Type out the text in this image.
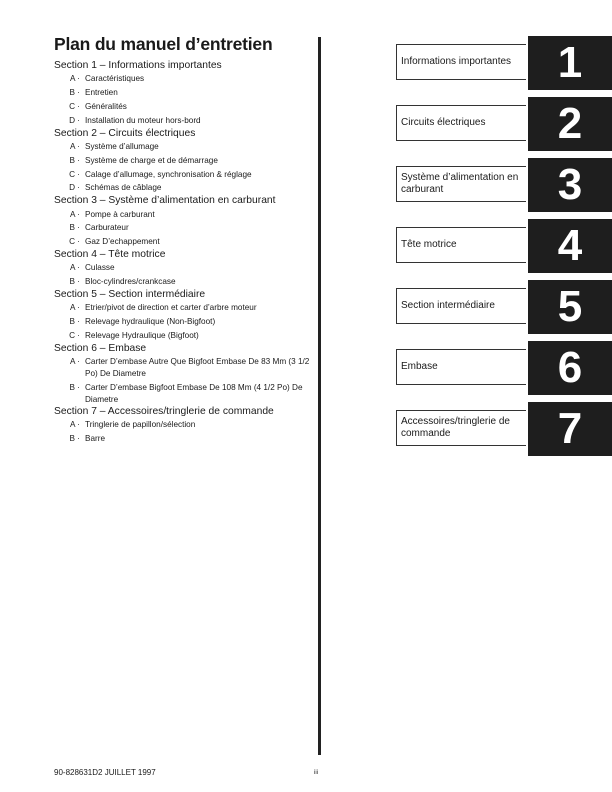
Plan du manuel d’entretien
Section 1 – Informations importantes
A · Caractéristiques
B · Entretien
C · Généralités
D · Installation du moteur hors-bord
Section 2 – Circuits électriques
A · Système d’allumage
B · Système de charge et de démarrage
C · Calage d’allumage, synchronisation & réglage
D · Schémas de câblage
Section 3 – Système d’alimentation en carburant
A · Pompe à carburant
B · Carburateur
C · Gaz D’echappement
Section 4 – Tête motrice
A · Culasse
B · Bloc-cylindres/crankcase
Section 5 – Section intermédiaire
A · Etrier/pivot de direction et carter d’arbre moteur
B · Relevage hydraulique (Non-Bigfoot)
C · Relevage Hydraulique (Bigfoot)
Section 6 – Embase
A · Carter D’embase Autre Que Bigfoot Embase De 83 Mm (3 1/2 Po) De Diametre
B · Carter D’embase Bigfoot Embase De 108 Mm (4 1/2 Po) De Diametre
Section 7 – Accessoires/tringlerie de commande
A · Tringlerie de papillon/sélection
B · Barre
Informations importantes	1
Circuits électriques	2
Système d’alimentation en carburant	3
Tête motrice	4
Section intermédiaire	5
Embase	6
Accessoires/tringlerie de commande	7
90-828631D2 JUILLET 1997	iii
